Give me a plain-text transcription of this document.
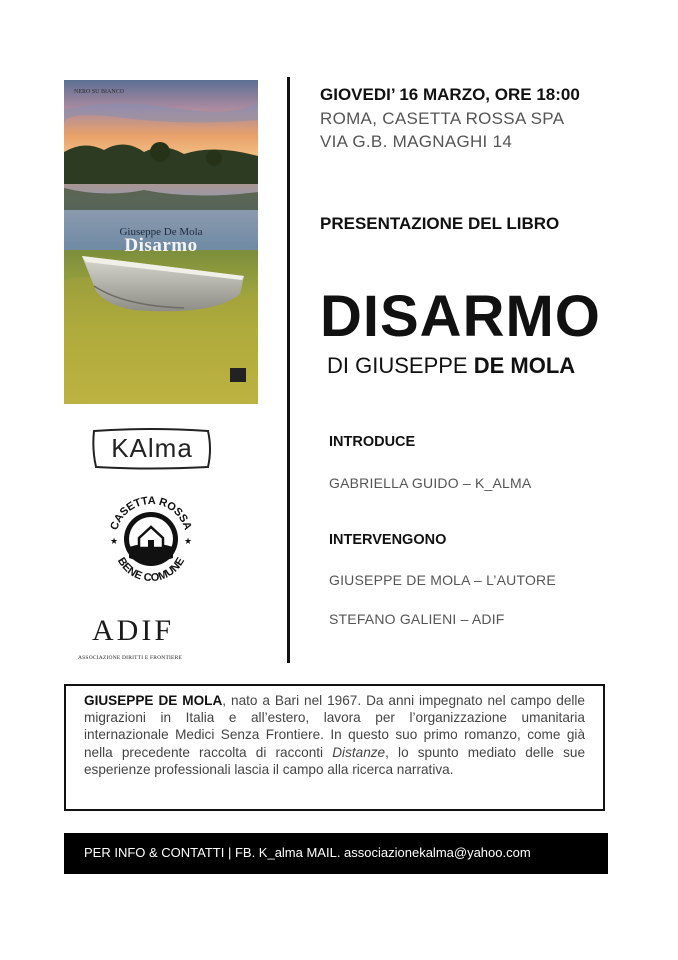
NERO SU BIANCO
Giuseppe De Mola
Disarmo
KAlma
CASETTA ROSSA
BENE COMUNE
★	★
ADIF
ASSOCIAZIONE DIRITTI E FRONTIERE
GIOVEDI’ 16 MARZO, ORE 18:00
ROMA, CASETTA ROSSA SPA
VIA G.B. MAGNAGHI 14
PRESENTAZIONE DEL LIBRO
DISARMO
DI GIUSEPPE DE MOLA
INTRODUCE
GABRIELLA GUIDO – K_ALMA
INTERVENGONO
GIUSEPPE DE MOLA – L’AUTORE
STEFANO GALIENI – ADIF
GIUSEPPE DE MOLA, nato a Bari nel 1967. Da anni impegnato nel campo delle migrazioni in Italia e all’estero, lavora per l’organizzazione umanitaria internazionale Medici Senza Frontiere. In questo suo primo romanzo, come già nella precedente raccolta di racconti Distanze, lo spunto mediato delle sue esperienze professionali lascia il campo alla ricerca narrativa.
PER INFO & CONTATTI | FB. K_alma MAIL. associazionekalma@yahoo.com
